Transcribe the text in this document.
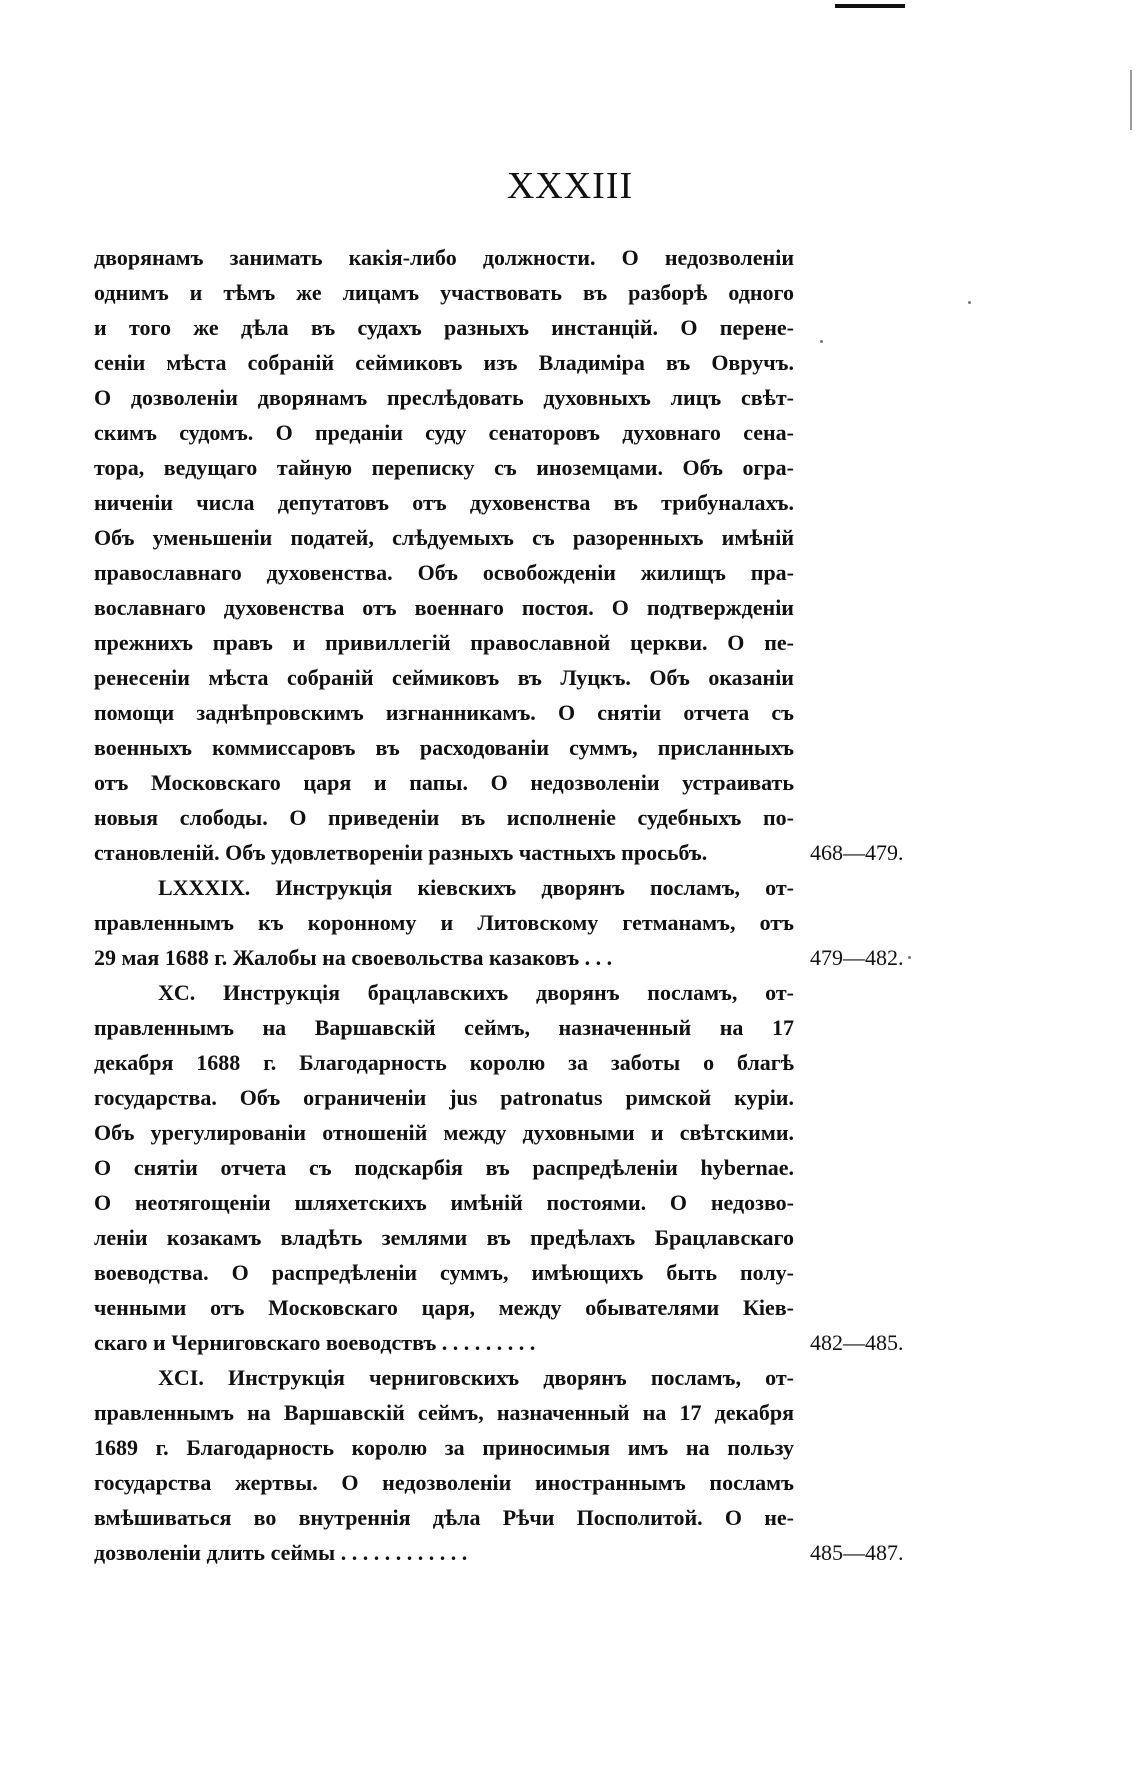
XXXIII
дворянамъ занимать какія-либо должности. О недозволеніи
однимъ и тѣмъ же лицамъ участвовать въ разборѣ одного
и того же дѣла въ судахъ разныхъ инстанцій. О перене-
сеніи мѣста собраній сеймиковъ изъ Владиміра въ Овручъ.
О дозволеніи дворянамъ преслѣдовать духовныхъ лицъ свѣт-
скимъ судомъ. О преданіи суду сенаторовъ духовнаго сена-
тора, ведущаго тайную переписку съ иноземцами. Объ огра-
ниченіи числа депутатовъ отъ духовенства въ трибуналахъ.
Объ уменьшеніи податей, слѣдуемыхъ съ разоренныхъ имѣній
православнаго духовенства. Объ освобожденіи жилищъ пра-
вославнаго духовенства отъ военнаго постоя. О подтвержденіи
прежнихъ правъ и привиллегій православной церкви. О пе-
ренесеніи мѣста собраній сеймиковъ въ Луцкъ. Объ оказаніи
помощи заднѣпровскимъ изгнанникамъ. О снятіи отчета съ
военныхъ коммиссаровъ въ расходованіи суммъ, присланныхъ
отъ Московскаго царя и папы. О недозволеніи устраивать
новыя слободы. О приведеніи въ исполненіе судебныхъ по-
становленій. Объ удовлетвореніи разныхъ частныхъ просьбъ.	468—479.
LXXXIX. Инструкція кіевскихъ дворянъ посламъ, от-
правленнымъ къ коронному и Литовскому гетманамъ, отъ
29 мая 1688 г. Жалобы на своевольства казаковъ . . .	479—482.
XC. Инструкція брацлавскихъ дворянъ посламъ, от-
правленнымъ на Варшавскій сеймъ, назначенный на 17
декабря 1688 г. Благодарность королю за заботы о благѣ
государства. Объ ограниченіи jus patronatus римской куріи.
Объ урегулированіи отношеній между духовными и свѣтскими.
О снятіи отчета съ подскарбія въ распредѣленіи hybernae.
О неотягощеніи шляхетскихъ имѣній постоями. О недозво-
леніи козакамъ владѣть землями въ предѣлахъ Брацлавскаго
воеводства. О распредѣленіи суммъ, имѣющихъ быть полу-
ченными отъ Московскаго царя, между обывателями Кіев-
скаго и Черниговскаго воеводствъ . . . . . . . . .	482—485.
XCI. Инструкція черниговскихъ дворянъ посламъ, от-
правленнымъ на Варшавскій сеймъ, назначенный на 17 декабря
1689 г. Благодарность королю за приносимыя имъ на пользу
государства жертвы. О недозволеніи иностраннымъ посламъ
вмѣшиваться во внутреннія дѣла Рѣчи Посполитой. О не-
дозволеніи длить сеймы . . . . . . . . . . . .	485—487.
